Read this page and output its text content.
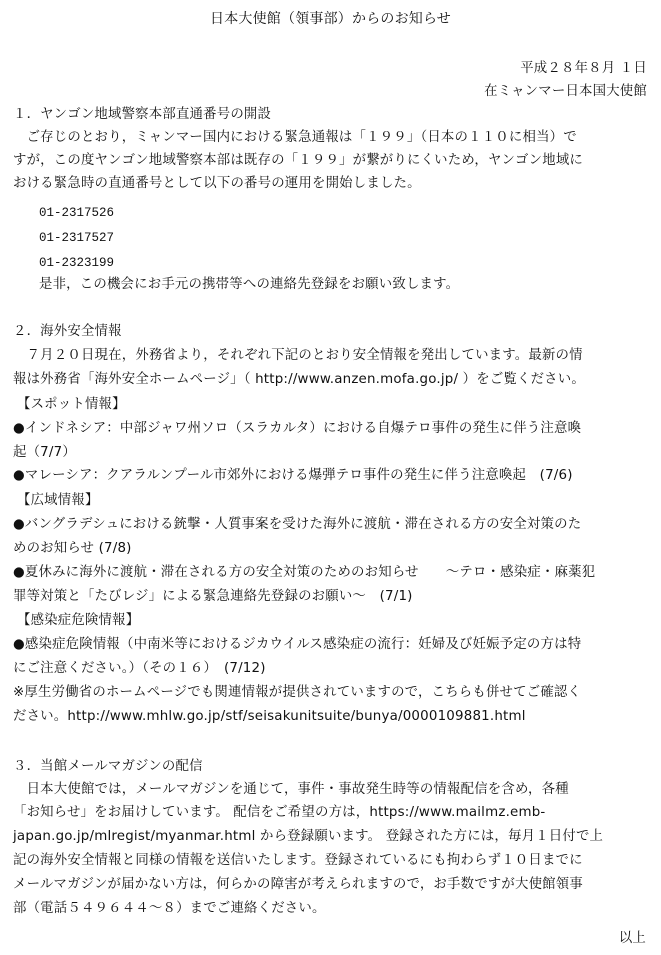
日本大使館（領事部）からのお知らせ
平成２８年８月 １日
在ミャンマー日本国大使館
１．ヤンゴン地域警察本部直通番号の開設
　ご存じのとおり，ミャンマー国内における緊急通報は「１９９」（日本の１１０に相当）で
すが，この度ヤンゴン地域警察本部は既存の「１９９」が繋がりにくいため，ヤンゴン地域に
おける緊急時の直通番号として以下の番号の運用を開始しました。
01-2317526
01-2317527
01-2323199
是非，この機会にお手元の携帯等への連絡先登録をお願い致します。
２．海外安全情報
　７月２０日現在，外務省より，それぞれ下記のとおり安全情報を発出しています。最新の情
報は外務省「海外安全ホームページ」（ http://www.anzen.mofa.go.jp/ ）をご覧ください。
【スポット情報】
●インドネシア：中部ジャワ州ソロ（スラカルタ）における自爆テロ事件の発生に伴う注意喚
起（7/7）
●マレーシア：クアラルンプール市郊外における爆弾テロ事件の発生に伴う注意喚起　(7/6)
【広域情報】
●バングラデシュにおける銃撃・人質事案を受けた海外に渡航・滞在される方の安全対策のた
めのお知らせ (7/8)
●夏休みに海外に渡航・滞在される方の安全対策のためのお知らせ　　～テロ・感染症・麻薬犯
罪等対策と「たびレジ」による緊急連絡先登録のお願い～　(7/1)
【感染症危険情報】
●感染症危険情報（中南米等におけるジカウイルス感染症の流行：妊婦及び妊娠予定の方は特
にご注意ください。）（その１６）　(7/12)
※厚生労働省のホームページでも関連情報が提供されていますので，こちらも併せてご確認く
ださい。http://www.mhlw.go.jp/stf/seisakunitsuite/bunya/0000109881.html
３．当館メールマガジンの配信
　日本大使館では，メールマガジンを通じて，事件・事故発生時等の情報配信を含め，各種
「お知らせ」をお届けしています。 配信をご希望の方は，https://www.mailmz.emb-
japan.go.jp/mlregist/myanmar.html から登録願います。 登録された方には，毎月１日付で上
記の海外安全情報と同様の情報を送信いたします。登録されているにも拘わらず１０日までに
メールマガジンが届かない方は，何らかの障害が考えられますので，お手数ですが大使館領事
部（電話５４９６４４～８）までご連絡ください。
以上
